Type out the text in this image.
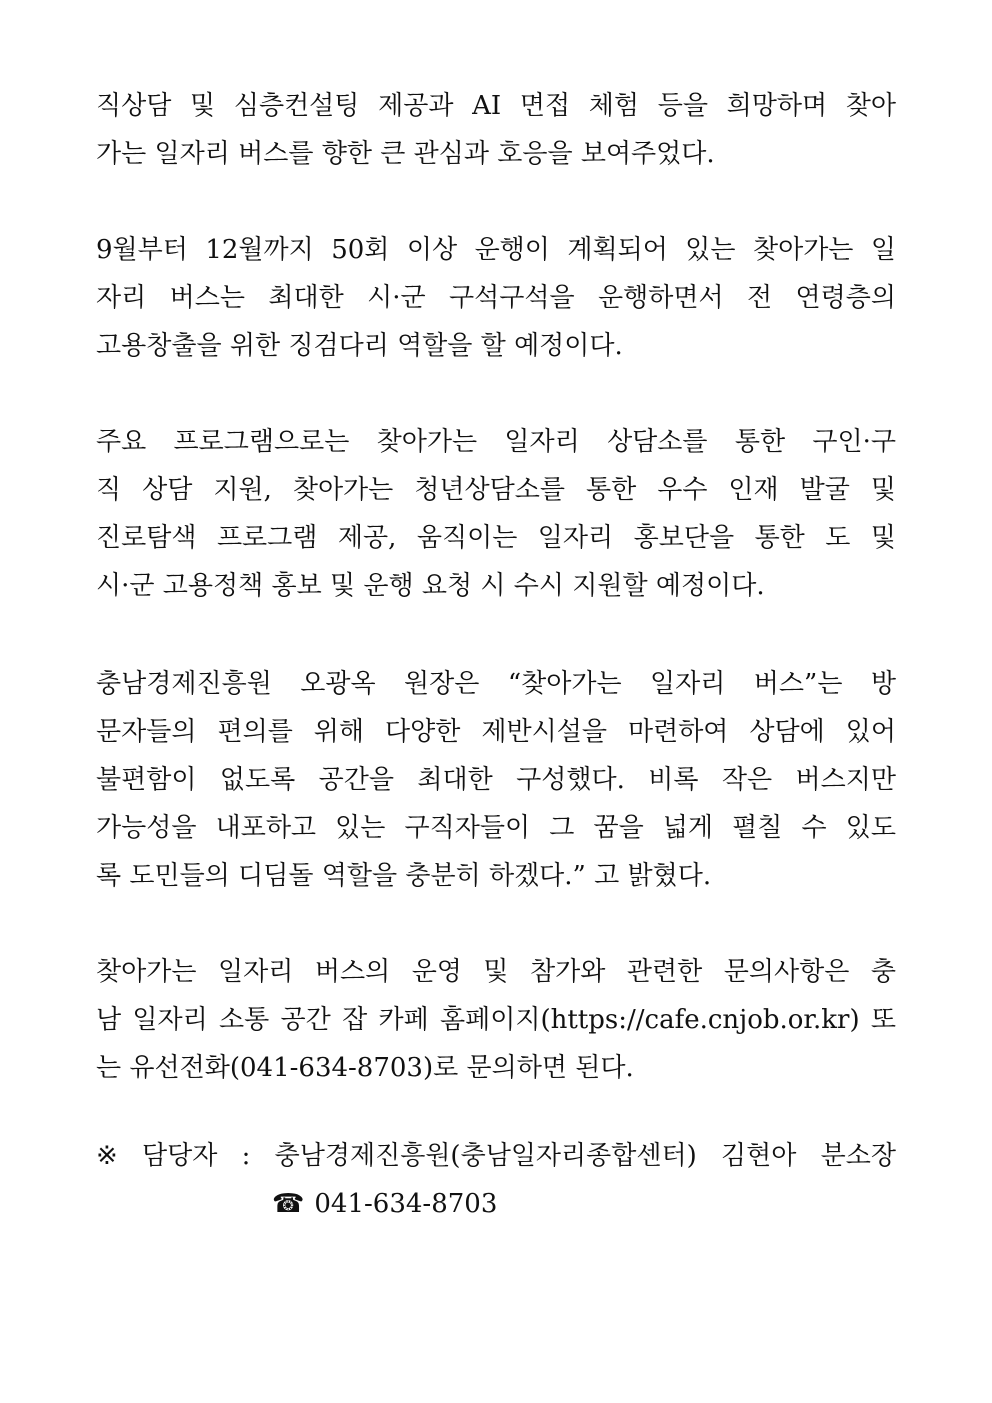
직상담 및 심층컨설팅 제공과 AI 면접 체험 등을 희망하며 찾아
가는 일자리 버스를 향한 큰 관심과 호응을 보여주었다.

9월부터 12월까지 50회 이상 운행이 계획되어 있는 찾아가는 일
자리 버스는 최대한 시·군 구석구석을 운행하면서 전 연령층의
고용창출을 위한 징검다리 역할을 할 예정이다.

주요 프로그램으로는 찾아가는 일자리 상담소를 통한 구인·구
직 상담 지원, 찾아가는 청년상담소를 통한 우수 인재 발굴 및
진로탐색 프로그램 제공, 움직이는 일자리 홍보단을 통한 도 및
시·군 고용정책 홍보 및 운행 요청 시 수시 지원할 예정이다.

충남경제진흥원 오광옥 원장은 “찾아가는 일자리 버스”는 방
문자들의 편의를 위해 다양한 제반시설을 마련하여 상담에 있어
불편함이 없도록 공간을 최대한 구성했다. 비록 작은 버스지만
가능성을 내포하고 있는 구직자들이 그 꿈을 넓게 펼칠 수 있도
록 도민들의 디딤돌 역할을 충분히 하겠다.” 고 밝혔다.

찾아가는 일자리 버스의 운영 및 참가와 관련한 문의사항은 충
남 일자리 소통 공간 잡 카페 홈페이지(https://cafe.cnjob.or.kr) 또
는 유선전화(041-634-8703)로 문의하면 된다.

※ 담당자 : 충남경제진흥원(충남일자리종합센터) 김현아 분소장
☎ 041-634-8703
